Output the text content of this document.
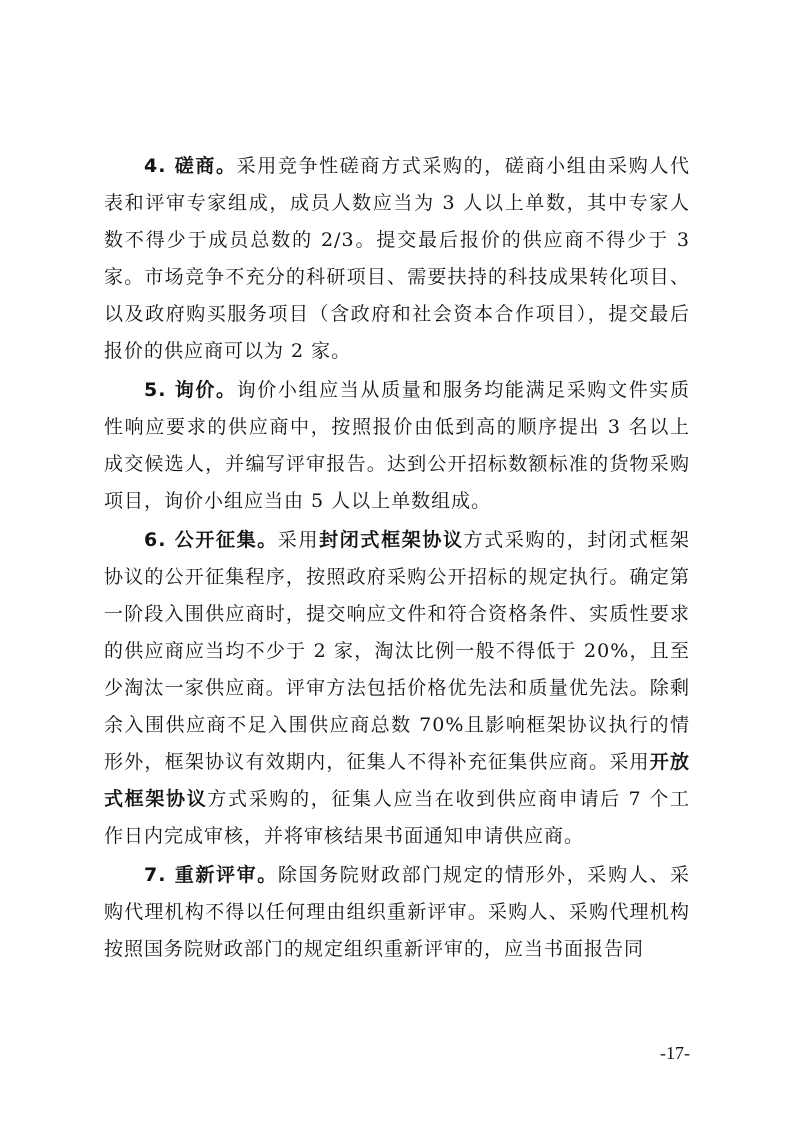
4. 磋商。采用竞争性磋商方式采购的，磋商小组由采购人代表和评审专家组成，成员人数应当为 3 人以上单数，其中专家人数不得少于成员总数的 2/3。提交最后报价的供应商不得少于 3 家。市场竞争不充分的科研项目、需要扶持的科技成果转化项目、以及政府购买服务项目（含政府和社会资本合作项目），提交最后报价的供应商可以为 2 家。

5. 询价。询价小组应当从质量和服务均能满足采购文件实质性响应要求的供应商中，按照报价由低到高的顺序提出 3 名以上成交候选人，并编写评审报告。达到公开招标数额标准的货物采购项目，询价小组应当由 5 人以上单数组成。

6. 公开征集。采用封闭式框架协议方式采购的，封闭式框架协议的公开征集程序，按照政府采购公开招标的规定执行。确定第一阶段入围供应商时，提交响应文件和符合资格条件、实质性要求的供应商应当均不少于 2 家，淘汰比例一般不得低于 20%，且至少淘汰一家供应商。评审方法包括价格优先法和质量优先法。除剩余入围供应商不足入围供应商总数 70%且影响框架协议执行的情形外，框架协议有效期内，征集人不得补充征集供应商。采用开放式框架协议方式采购的，征集人应当在收到供应商申请后 7 个工作日内完成审核，并将审核结果书面通知申请供应商。

7. 重新评审。除国务院财政部门规定的情形外，采购人、采购代理机构不得以任何理由组织重新评审。采购人、采购代理机构按照国务院财政部门的规定组织重新评审的，应当书面报告同

-17-
